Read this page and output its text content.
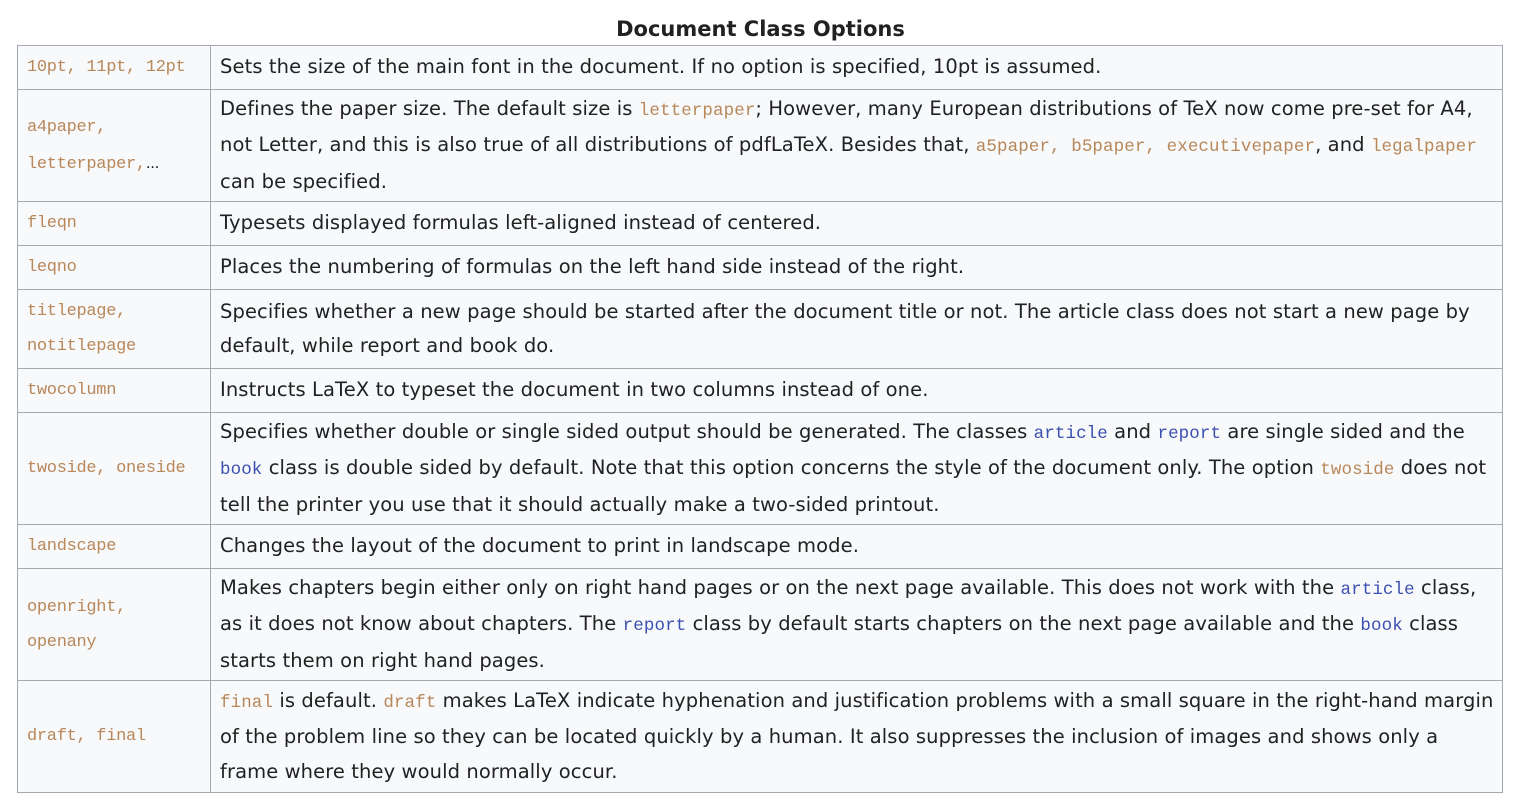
Document Class Options
10pt, 11pt, 12pt	Sets the size of the main font in the document. If no option is specified, 10pt is assumed.
a4paper,
letterpaper,...	Defines the paper size. The default size is letterpaper; However, many European distributions of TeX now come pre-set for A4, not Letter, and this is also true of all distributions of pdfLaTeX. Besides that, a5paper, b5paper, executivepaper, and legalpaper can be specified.
fleqn	Typesets displayed formulas left-aligned instead of centered.
leqno	Places the numbering of formulas on the left hand side instead of the right.
titlepage,
notitlepage	Specifies whether a new page should be started after the document title or not. The article class does not start a new page by default, while report and book do.
twocolumn	Instructs LaTeX to typeset the document in two columns instead of one.
twoside, oneside	Specifies whether double or single sided output should be generated. The classes article and report are single sided and the book class is double sided by default. Note that this option concerns the style of the document only. The option twoside does not tell the printer you use that it should actually make a two-sided printout.
landscape	Changes the layout of the document to print in landscape mode.
openright,
openany	Makes chapters begin either only on right hand pages or on the next page available. This does not work with the article class, as it does not know about chapters. The report class by default starts chapters on the next page available and the book class starts them on right hand pages.
draft, final	final is default. draft makes LaTeX indicate hyphenation and justification problems with a small square in the right-hand margin of the problem line so they can be located quickly by a human. It also suppresses the inclusion of images and shows only a frame where they would normally occur.
